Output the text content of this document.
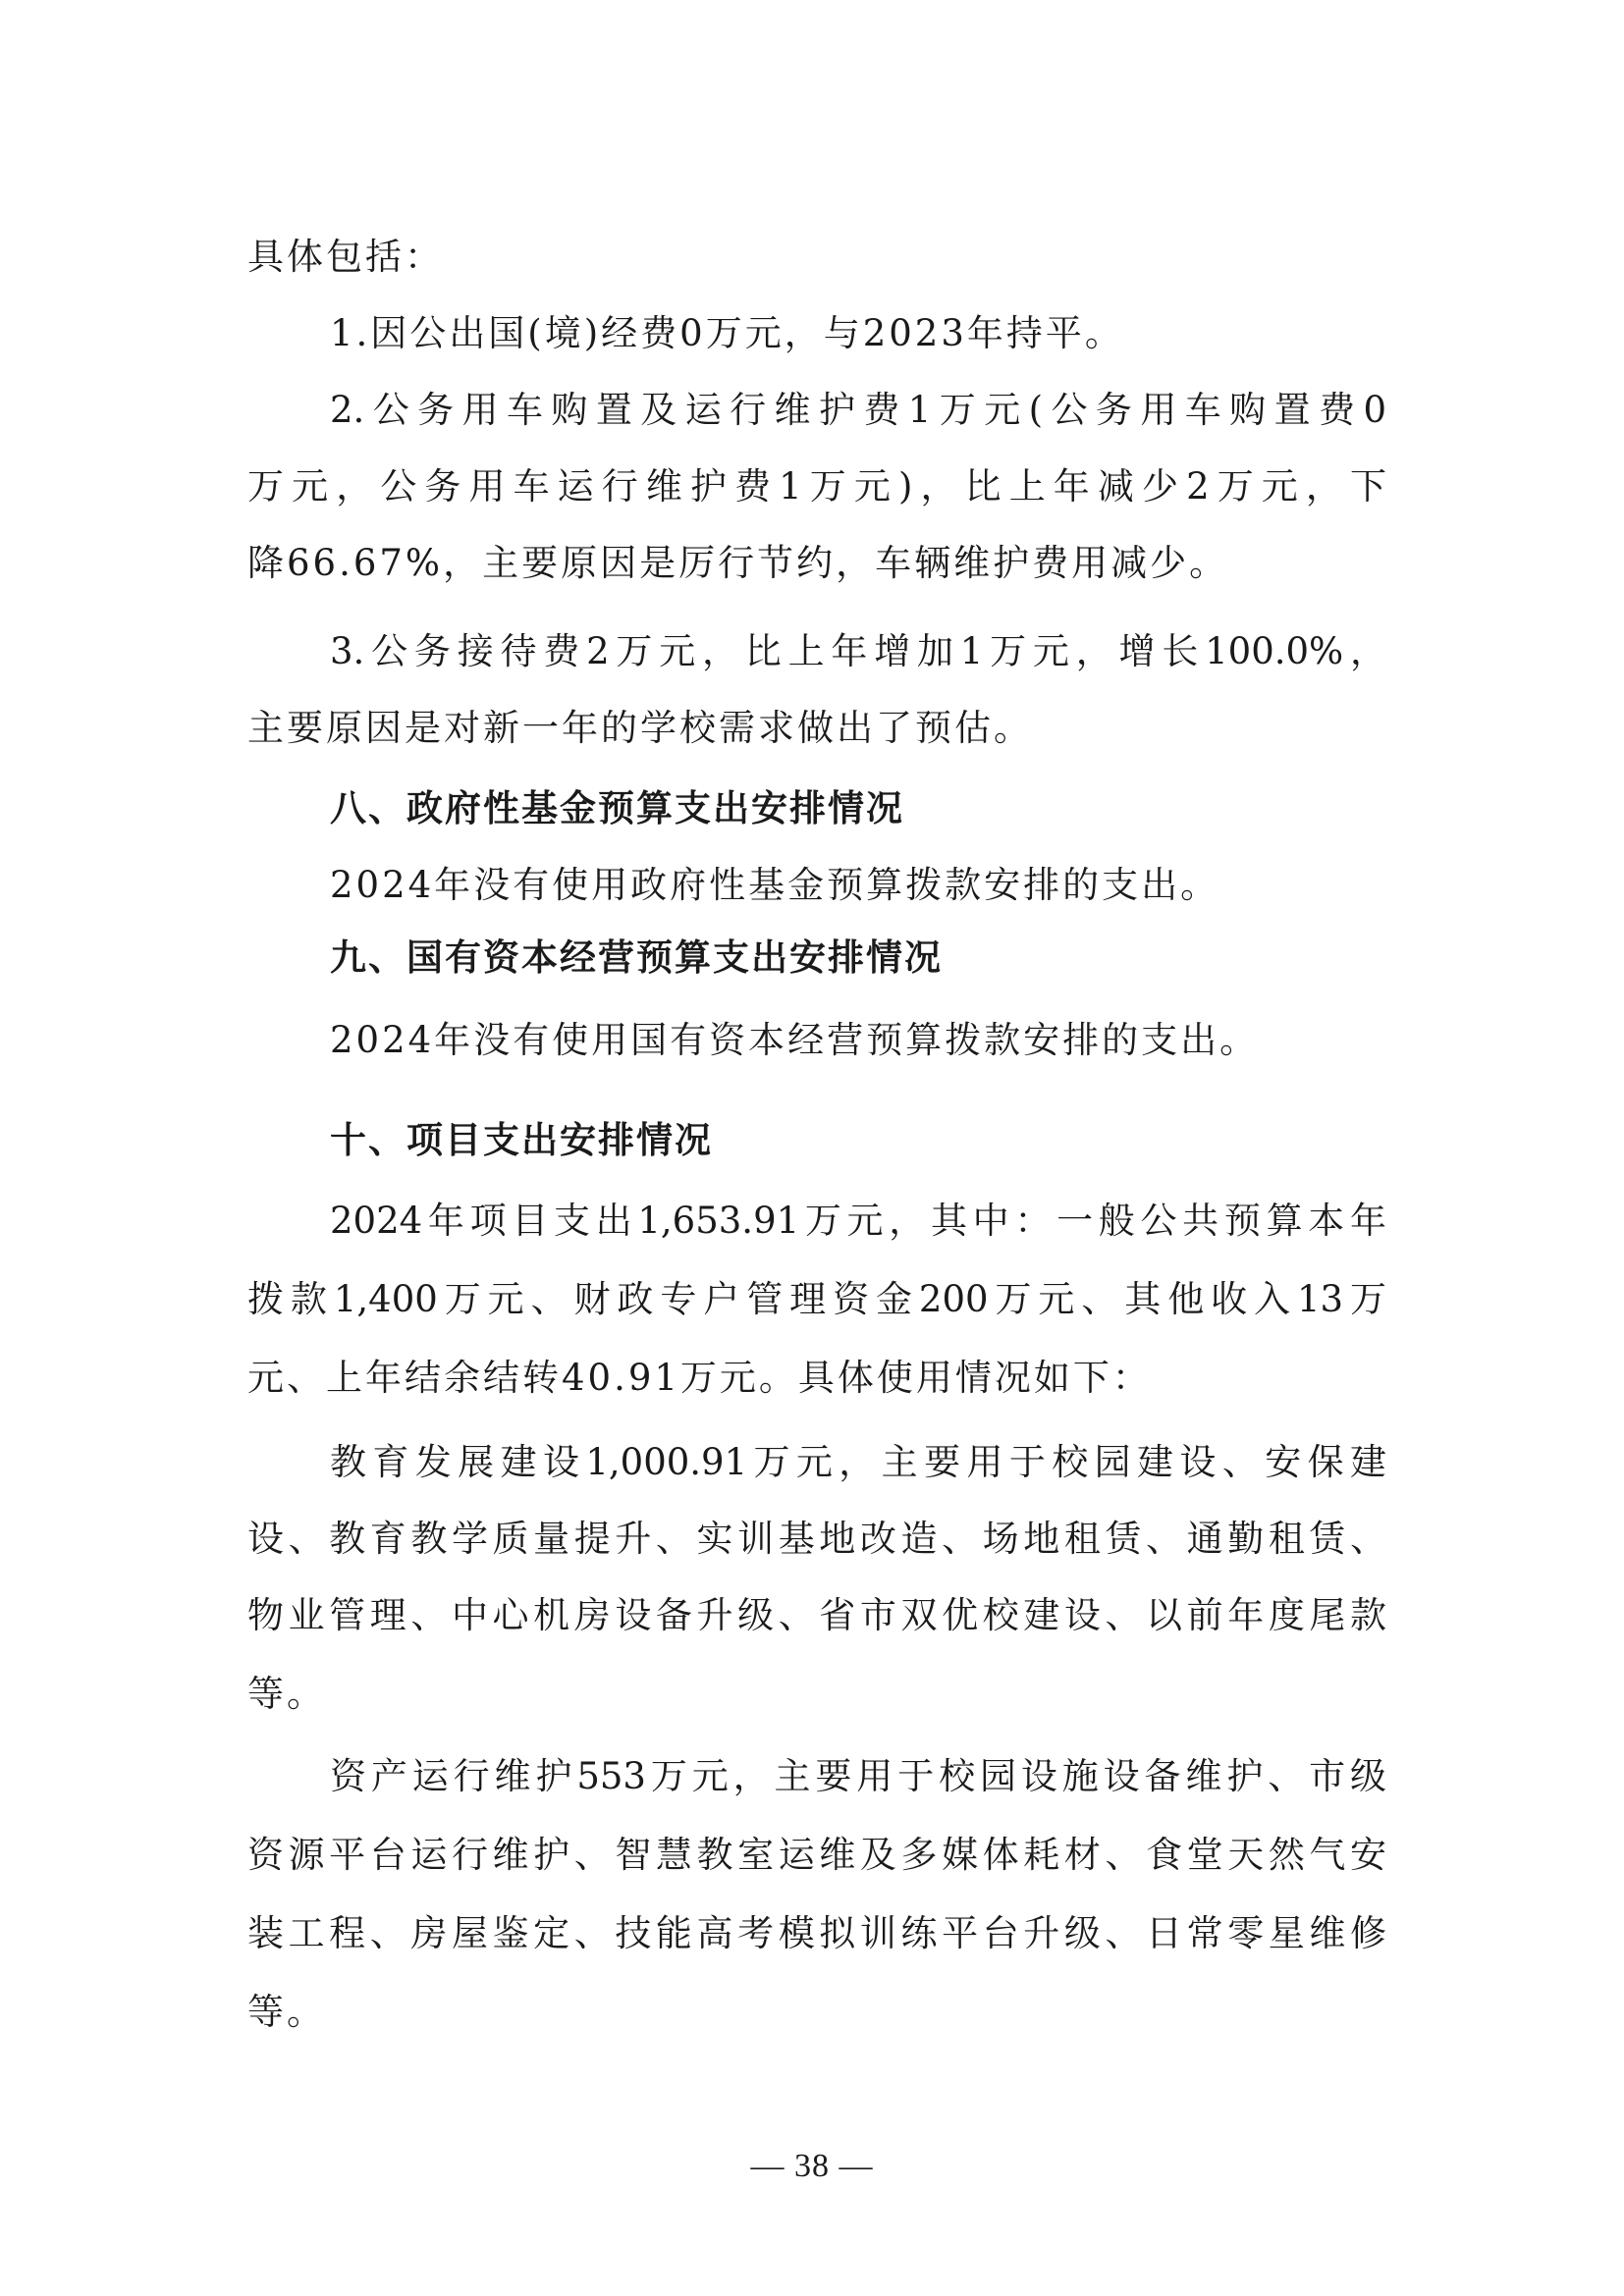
具体包括：
1.因公出国(境)经费0万元，与2023年持平。
2.公务用车购置及运行维护费1万元(公务用车购置费0
万元，公务用车运行维护费1万元)，比上年减少2万元，下
降66.67%，主要原因是厉行节约，车辆维护费用减少。
3.公务接待费2万元，比上年增加1万元，增长100.0%，
主要原因是对新一年的学校需求做出了预估。
八、政府性基金预算支出安排情况
2024年没有使用政府性基金预算拨款安排的支出。
九、国有资本经营预算支出安排情况
2024年没有使用国有资本经营预算拨款安排的支出。
十、项目支出安排情况
2024年项目支出1,653.91万元，其中：一般公共预算本年
拨款1,400万元、财政专户管理资金200万元、其他收入13万
元、上年结余结转40.91万元。具体使用情况如下：
教育发展建设1,000.91万元，主要用于校园建设、安保建
设、教育教学质量提升、实训基地改造、场地租赁、通勤租赁、
物业管理、中心机房设备升级、省市双优校建设、以前年度尾款
等。
资产运行维护553万元，主要用于校园设施设备维护、市级
资源平台运行维护、智慧教室运维及多媒体耗材、食堂天然气安
装工程、房屋鉴定、技能高考模拟训练平台升级、日常零星维修
等。
— 38 —
